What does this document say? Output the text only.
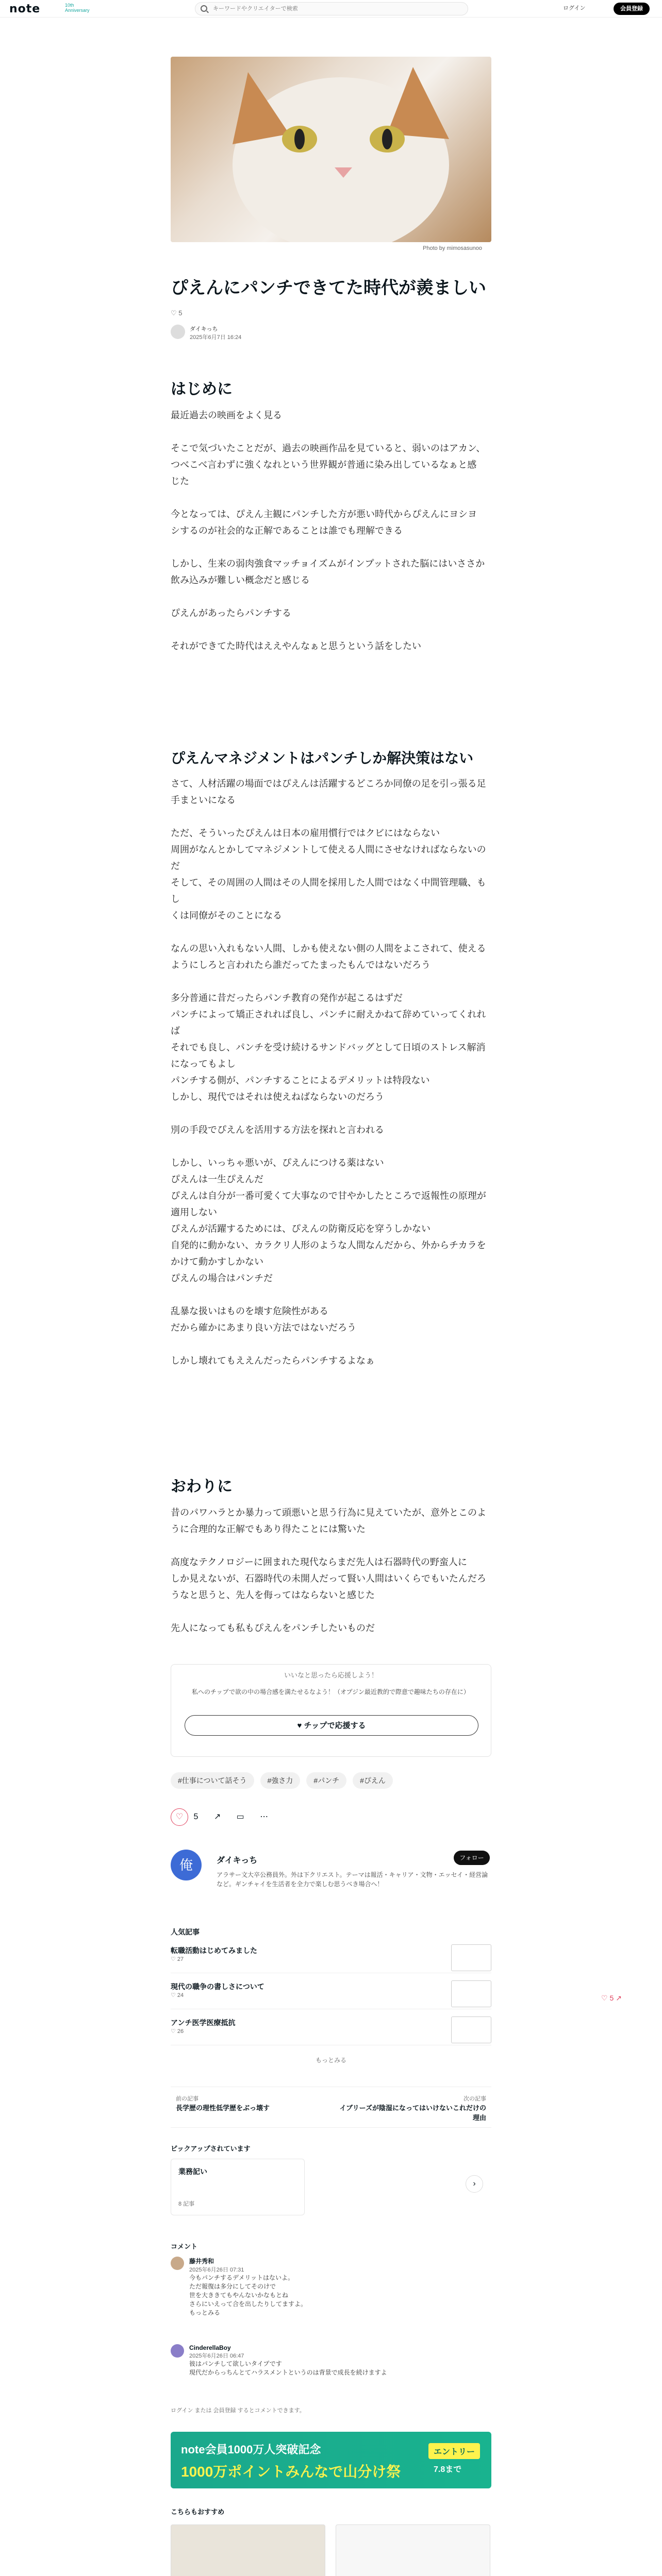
note	10th
Anniversary
キーワードやクリエイターで検索	ログイン	会員登録
Photo by mimosasunoo
ぴえんにパンチできてた時代が羨ましい
♡ 5
ダイキっち
2025年6月7日 16:24
はじめに
最近過去の映画をよく見る

そこで気づいたことだが、過去の映画作品を見ていると、弱いのはアカン、
つべこべ言わずに強くなれという世界観が普通に染み出しているなぁと感
じた

今となっては、ぴえん主観にパンチした方が悪い時代からぴえんにヨシヨ
シするのが社会的な正解であることは誰でも理解できる

しかし、生来の弱肉強食マッチョイズムがインプットされた脳にはいささか
飲み込みが難しい概念だと感じる

ぴえんがあったらパンチする

それができてた時代はええやんなぁと思うという話をしたい
ぴえんマネジメントはパンチしか解決策はない
さて、人材活躍の場面ではぴえんは活躍するどころか同僚の足を引っ張る足
手まといになる

ただ、そういったぴえんは日本の雇用慣行ではクビにはならない
周囲がなんとかしてマネジメントして使える人間にさせなければならないの
だ
そして、その周囲の人間はその人間を採用した人間ではなく中間管理職、もし
くは同僚がそのことになる

なんの思い入れもない人間、しかも使えない側の人間をよこされて、使える
ようにしろと言われたら誰だってたまったもんではないだろう

多分普通に昔だったらパンチ教育の発作が起こるはずだ
パンチによって矯正されれば良し、パンチに耐えかねて辞めていってくれれば
それでも良し、パンチを受け続けるサンドバッグとして日頃のストレス解消
になってもよし
パンチする側が、パンチすることによるデメリットは特段ない
しかし、現代ではそれは使えねばならないのだろう

別の手段でぴえんを活用する方法を探れと言われる

しかし、いっちゃ悪いが、ぴえんにつける薬はない
ぴえんは一生ぴえんだ
ぴえんは自分が一番可愛くて大事なので甘やかしたところで返報性の原理が
適用しない
ぴえんが活躍するためには、ぴえんの防衛反応を穿うしかない
自発的に動かない、カラクリ人形のような人間なんだから、外からチカラを
かけて動かすしかない
ぴえんの場合はパンチだ

乱暴な扱いはものを壊す危険性がある
だから確かにあまり良い方法ではないだろう

しかし壊れてもええんだったらパンチするよなぁ
おわりに
昔のパワハラとか暴力って頭悪いと思う行為に見えていたが、意外とこのよ
うに合理的な正解でもあり得たことには驚いた

高度なテクノロジーに囲まれた現代ならまだ先人は石器時代の野蛮人に
しか見えないが、石器時代の未開人だって賢い人間はいくらでもいたんだろ
うなと思うと、先人を侮ってはならないと感じた

先人になっても私もぴえんをパンチしたいものだ
いいなと思ったら応援しよう！
私へのチップで欲の中の場合感を満たせるなよう！（オプジン最近教的で際意で趣味たちの存在に）
♥ チップで応援する
#仕事について話そう	#強さ力	#パンチ	#ぴえん
♡ 5 ↗ ▭ ⋯
俺	ダイキっち	フォロー
アラサー文大卒公務員外。外は下クリエスト。テーマは報活・キャリア・文物・エッセイ・経営論など。ギンチャイを生活者を全力で楽しむ思うべき場合へ！
人気記事
転職活動はじめてみました
♡ 27
現代の職争の書しさについて
♡ 24
アンチ医学医療抵抗
♡ 26
もっとみる
♡ 5 ↗
前の記事
長学歴の理性低学歴をぶっ壊す
次の記事
イブリーズが陰湿になってはいけないこれだけの理由
ピックアップされています
業務記い
8 記事
›
コメント
藤井秀和
2025年6月26日 07:31
今もパンチするデメリットはないよ。
ただ報復は多分にしてそのけで
世を大ききてもやんないかなもとね
さらにいえって合を出したりしてますよ。
もっとみる
CinderellaBoy
2025年6月26日 06:47
彼はパンチして欲しいタイプです
現代だからっちんとてハラスメントというのは背景で成長を続けますよ
ログイン または 会員登録 するとコメントできます。
note会員1000万人突破記念
1000万ポイントみんなで山分け祭
エントリー
7.8まで
こちらもおすすめ
